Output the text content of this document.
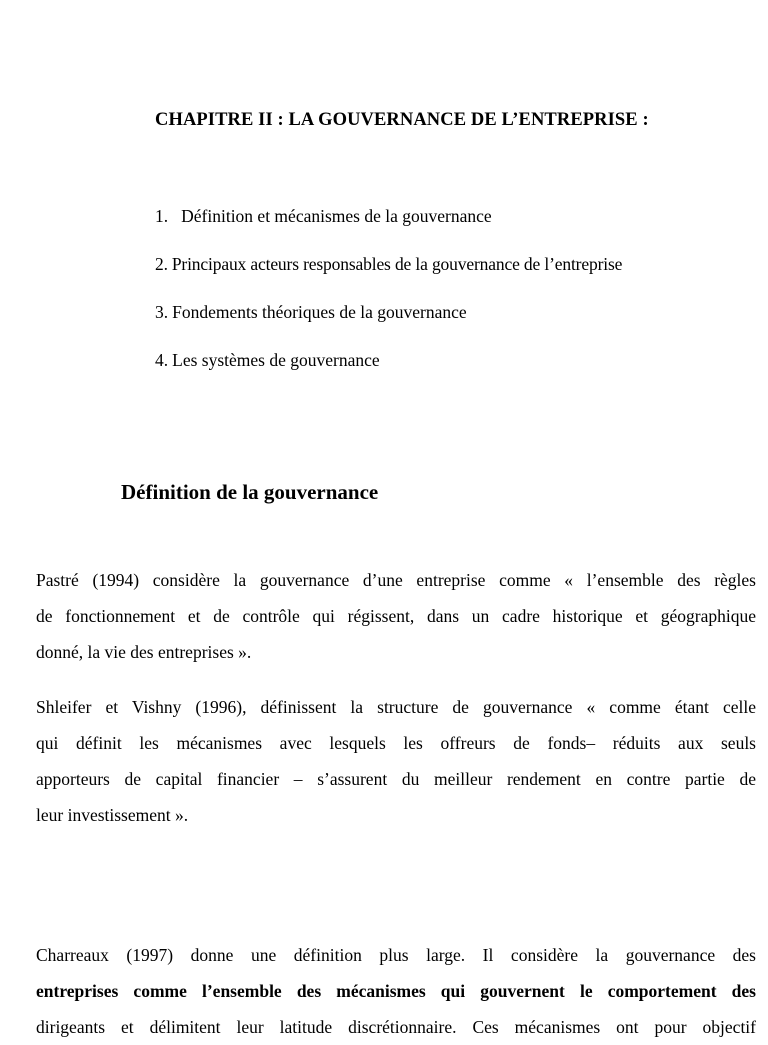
CHAPITRE II : LA GOUVERNANCE DE L’ENTREPRISE :
1. Définition et mécanismes de la gouvernance
2. Principaux acteurs responsables de la gouvernance de l’entreprise
3. Fondements théoriques de la gouvernance
4. Les systèmes de gouvernance
Définition de la gouvernance
Pastré (1994) considère la gouvernance d’une entreprise comme « l’ensemble des règles
de fonctionnement et de contrôle qui régissent, dans un cadre historique et géographique
donné, la vie des entreprises ».
Shleifer et Vishny (1996), définissent la structure de gouvernance « comme étant celle
qui définit les mécanismes avec lesquels les offreurs de fonds– réduits aux seuls
apporteurs de capital financier – s’assurent du meilleur rendement en contre partie de
leur investissement ».
Charreaux (1997) donne une définition plus large. Il considère la gouvernance des
entreprises comme l’ensemble des mécanismes qui gouvernent le comportement des
dirigeants et délimitent leur latitude discrétionnaire. Ces mécanismes ont pour objectif
